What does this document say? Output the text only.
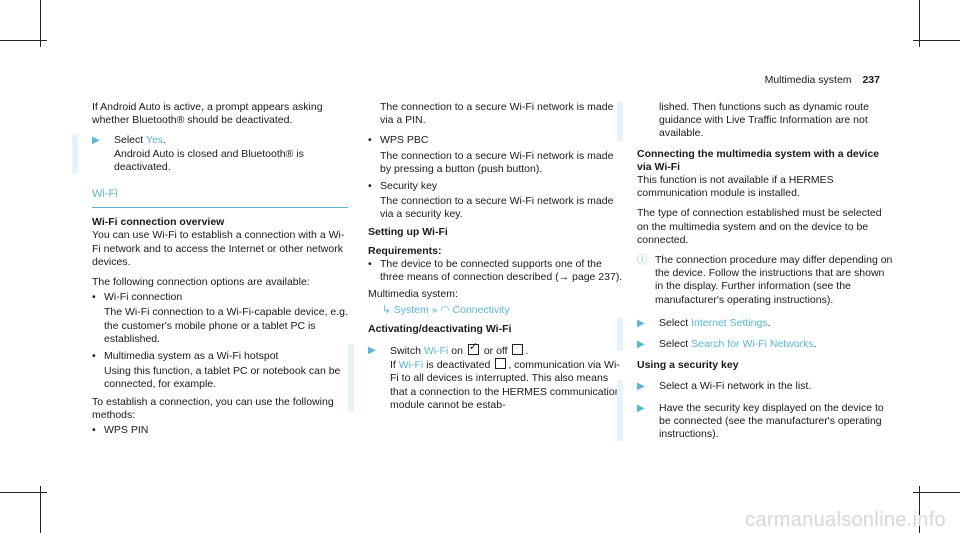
Multimedia system 237

If Android Auto is active, a prompt appears asking whether Bluetooth® should be deactivated.

▶ Select Yes.
Android Auto is closed and Bluetooth® is deactivated.
Wi-Fi

Wi-Fi connection overview

You can use Wi-Fi to establish a connection with a Wi-Fi network and to access the Internet or other network devices.

The following connection options are available:

• Wi-Fi connection
The Wi-Fi connection to a Wi-Fi-capable device, e.g. the customer's mobile phone or a tablet PC is established.
• Multimedia system as a Wi-Fi hotspot
Using this function, a tablet PC or notebook can be connected, for example.

To establish a connection, you can use the following methods:

• WPS PIN

The connection to a secure Wi-Fi network is made via a PIN.

• WPS PBC
The connection to a secure Wi-Fi network is made by pressing a button (push button).
• Security key
The connection to a secure Wi-Fi network is made via a security key.

Setting up Wi-Fi

Requirements:

• The device to be connected supports one of the three means of connection described (→ page 237).

Multimedia system:

↳ System » ◠ Connectivity

Activating/deactivating Wi-Fi

▶ Switch Wi-Fi on ✓ or off .
If Wi-Fi is deactivated , communication via Wi-Fi to all devices is interrupted. This also means that a connection to the HERMES communication module cannot be estab-

lished. Then functions such as dynamic route guidance with Live Traffic Information are not available.

Connecting the multimedia system with a device via Wi-Fi

This function is not available if a HERMES communication module is installed.

The type of connection established must be selected on the multimedia system and on the device to be connected.

ⓘ The connection procedure may differ depending on the device. Follow the instructions that are shown in the display. Further information (see the manufacturer's operating instructions).
▶ Select Internet Settings.
▶ Select Search for Wi-Fi Networks.

Using a security key

▶ Select a Wi-Fi network in the list.
▶ Have the security key displayed on the device to be connected (see the manufacturer's operating instructions).
carmanualsonline.info
